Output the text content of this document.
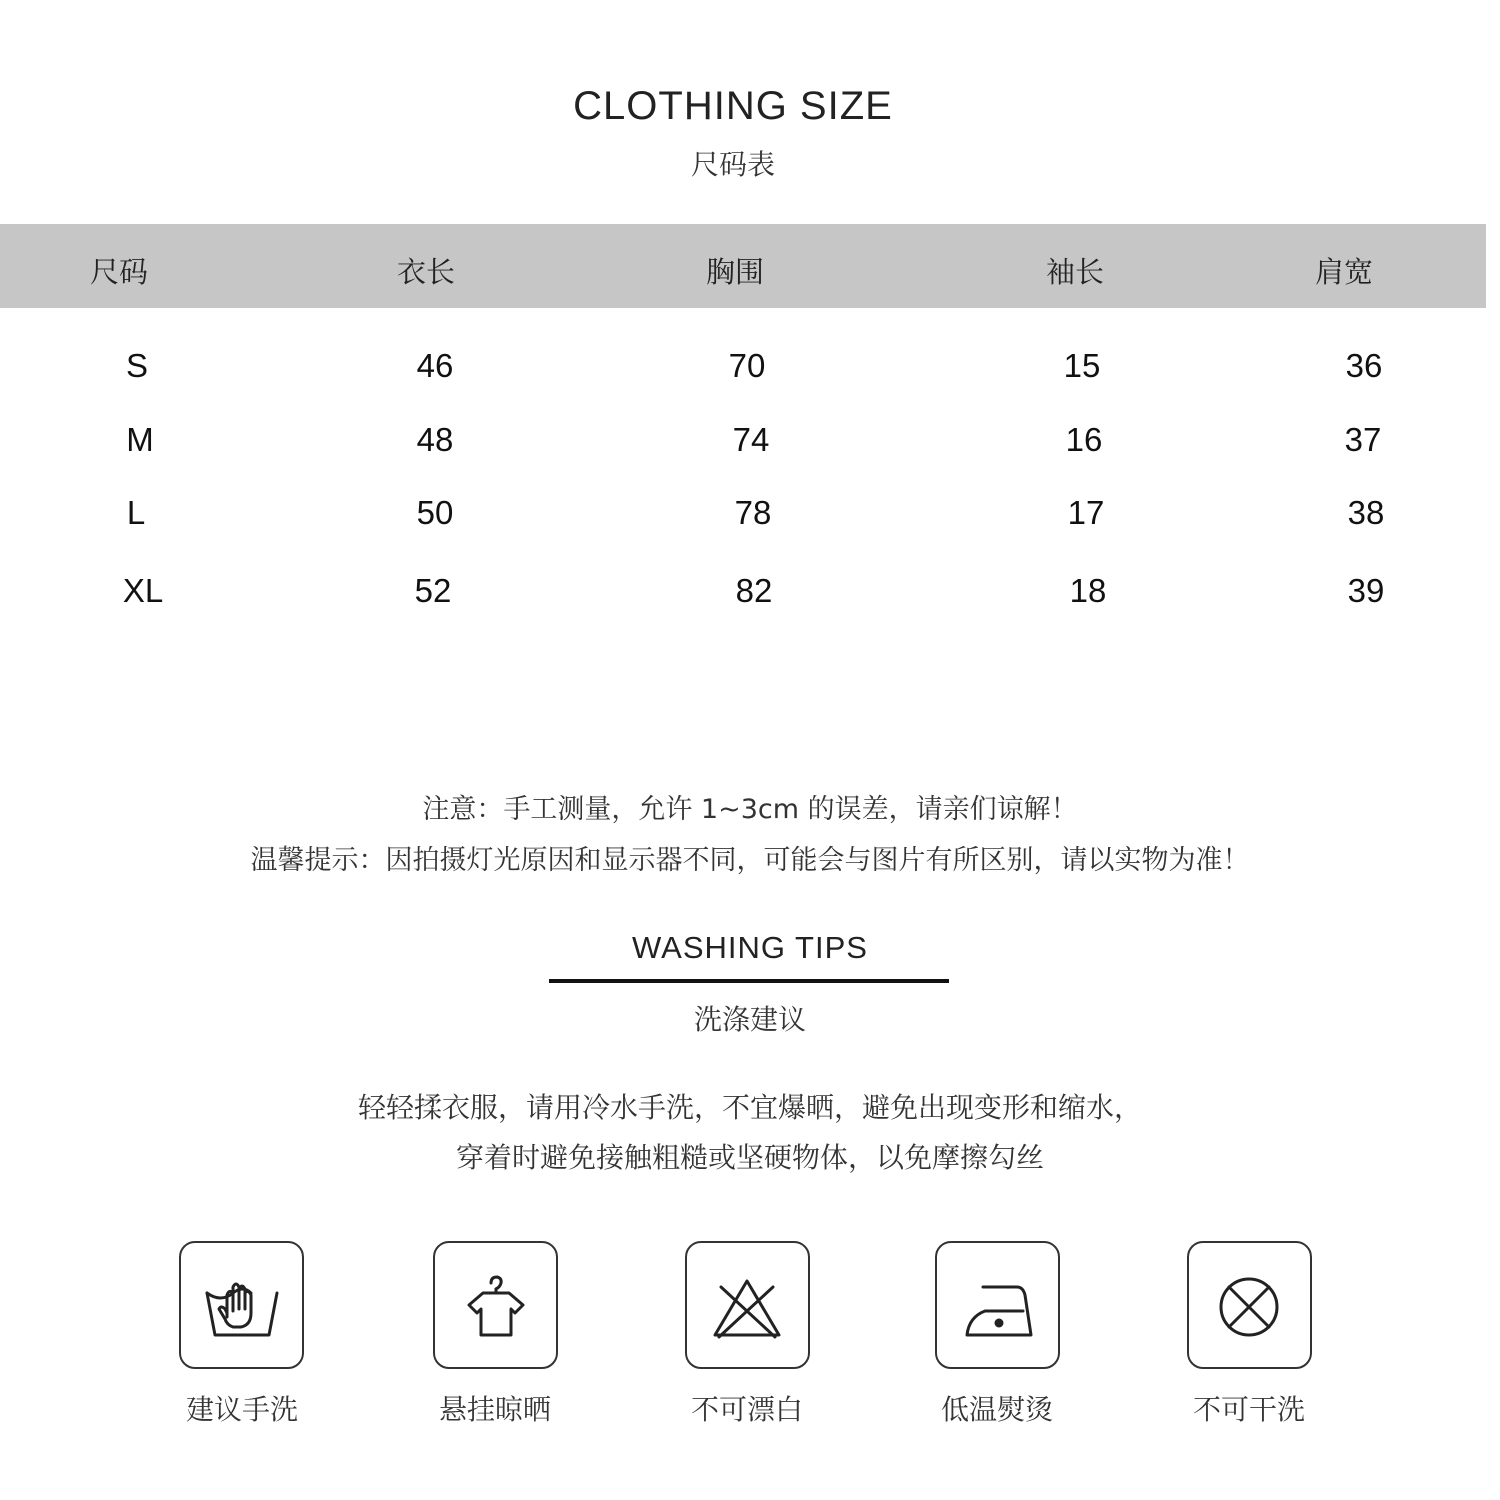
CLOTHING SIZE
尺码表
尺码	衣长	胸围	袖长	肩宽
S	46	70	15	36
M	48	74	16	37
L	50	78	17	38
XL	52	82	18	39
注意：手工测量，允许 1~3cm 的误差，请亲们谅解！
温馨提示：因拍摄灯光原因和显示器不同，可能会与图片有所区别，请以实物为准！
WASHING TIPS
洗涤建议
轻轻揉衣服，请用冷水手洗，不宜爆晒，避免出现变形和缩水，
穿着时避免接触粗糙或坚硬物体，以免摩擦勾丝
建议手洗	悬挂晾晒	不可漂白	低温熨烫	不可干洗
